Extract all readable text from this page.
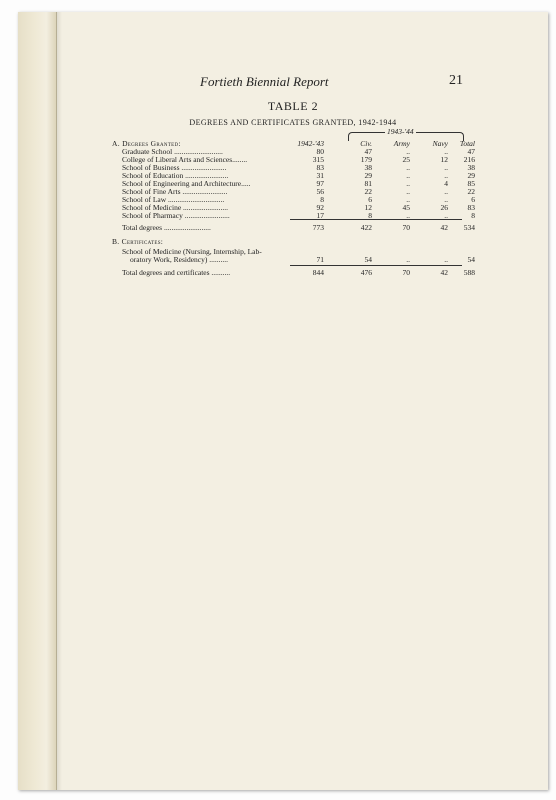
Fortieth Biennial Report	21
TABLE 2
DEGREES AND CERTIFICATES GRANTED, 1942-1944
1943-'44
A. Degrees Granted:	1942-'43	Civ.	Army	Navy	Total
Graduate School ..........................	80	47	..	..	47
College of Liberal Arts and Sciences........	315	179	25	12	216
School of Business ........................	83	38	..	..	38
School of Education .......................	31	29	..	..	29
School of Engineering and Architecture.....	97	81	..	4	85
School of Fine Arts ........................	56	22	..	..	22
School of Law ..............................	8	6	..	..	6
School of Medicine ........................	92	12	45	26	83
School of Pharmacy ........................	17	8	..	..	8
Total degrees .........................	773	422	70	42	534
B. Certificates:
School of Medicine (Nursing, Internship, Lab-
oratory Work, Residency) ..........	71	54	..	..	54
Total degrees and certificates ..........	844	476	70	42	588
